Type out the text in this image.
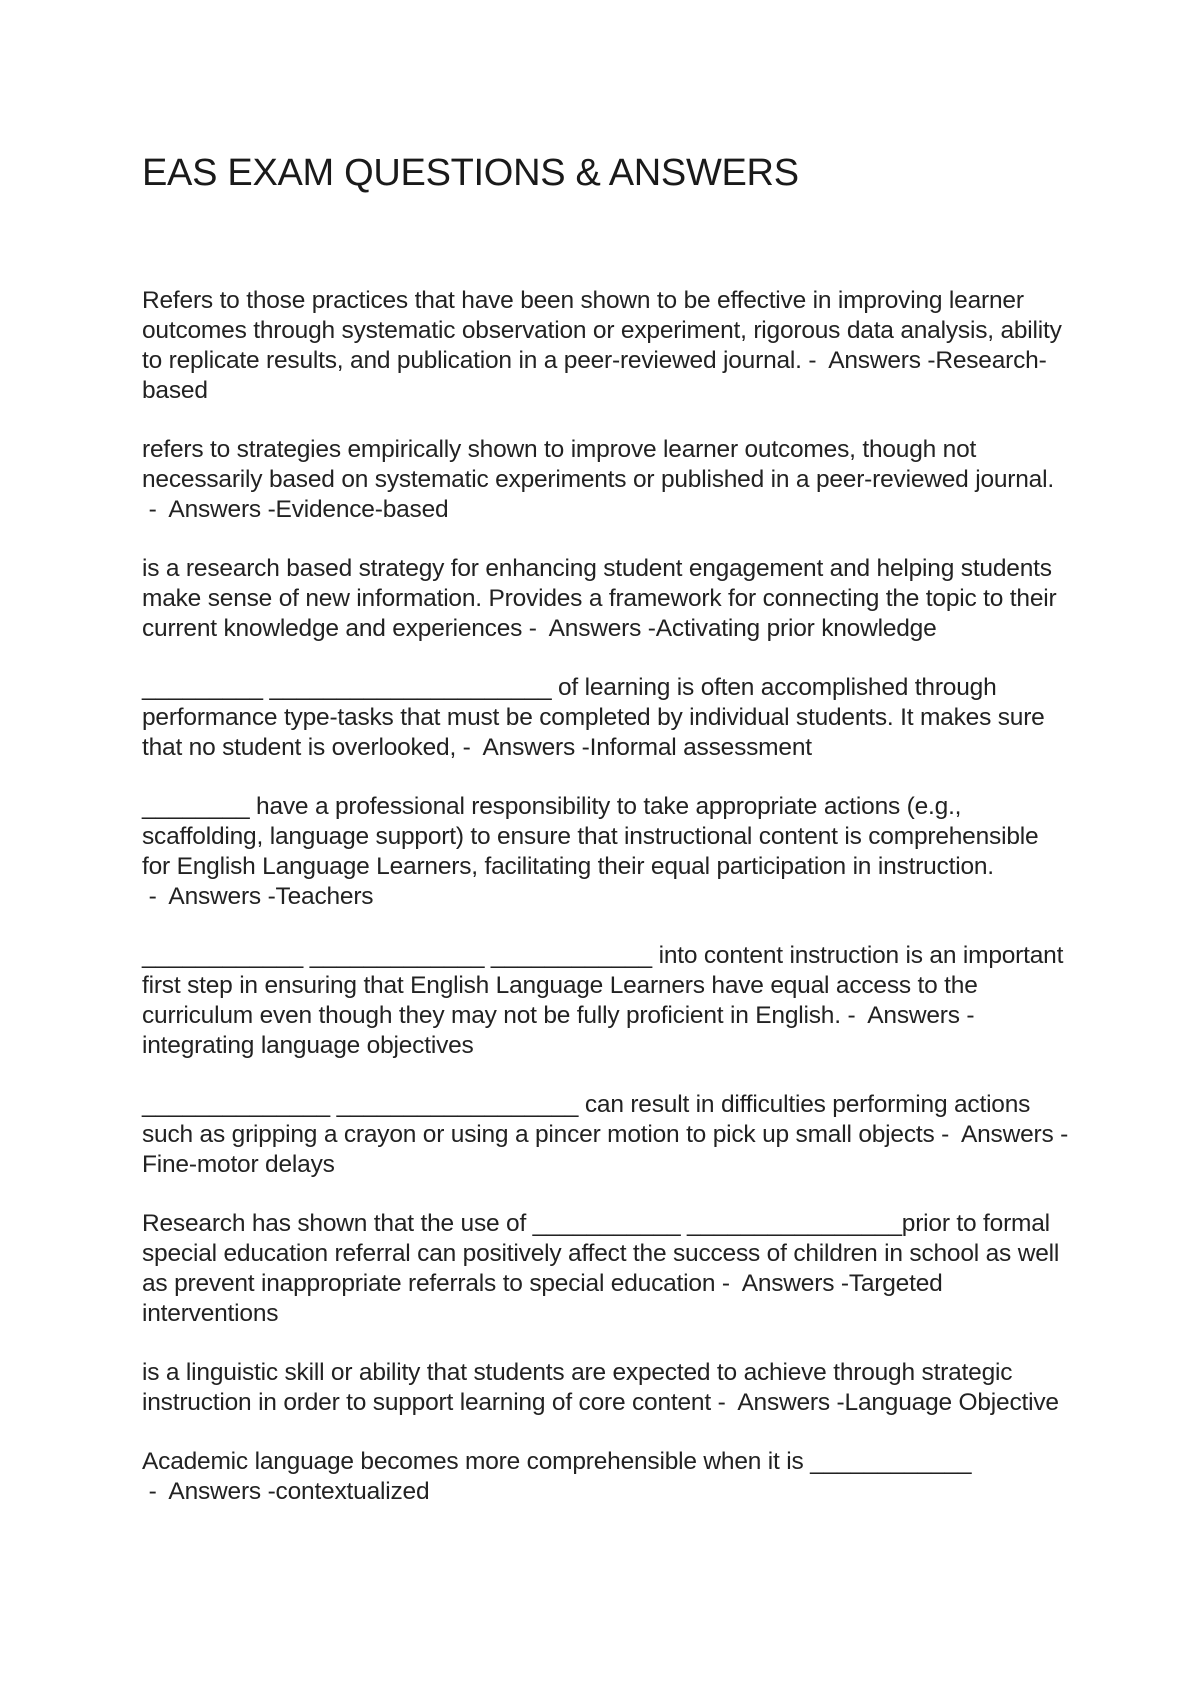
EAS EXAM QUESTIONS & ANSWERS

Refers to those practices that have been shown to be effective in improving learner outcomes through systematic observation or experiment, rigorous data analysis, ability to replicate results, and publication in a peer-reviewed journal. -  Answers -Research-based

refers to strategies empirically shown to improve learner outcomes, though not necessarily based on systematic experiments or published in a peer-reviewed journal. -  Answers -Evidence-based

is a research based strategy for enhancing student engagement and helping students make sense of new information. Provides a framework for connecting the topic to their current knowledge and experiences -  Answers -Activating prior knowledge

_________ _____________________ of learning is often accomplished through performance type-tasks that must be completed by individual students. It makes sure that no student is overlooked, -  Answers -Informal assessment

________ have a professional responsibility to take appropriate actions (e.g., scaffolding, language support) to ensure that instructional content is comprehensible for English Language Learners, facilitating their equal participation in instruction. -  Answers -Teachers

____________ _____________ ____________ into content instruction is an important first step in ensuring that English Language Learners have equal access to the curriculum even though they may not be fully proficient in English. -  Answers -integrating language objectives

______________ __________________ can result in difficulties performing actions such as gripping a crayon or using a pincer motion to pick up small objects -  Answers -Fine-motor delays

Research has shown that the use of ___________ ________________prior to formal special education referral can positively affect the success of children in school as well as prevent inappropriate referrals to special education -  Answers -Targeted interventions

is a linguistic skill or ability that students are expected to achieve through strategic instruction in order to support learning of core content -  Answers -Language Objective

Academic language becomes more comprehensible when it is ____________ -  Answers -contextualized
